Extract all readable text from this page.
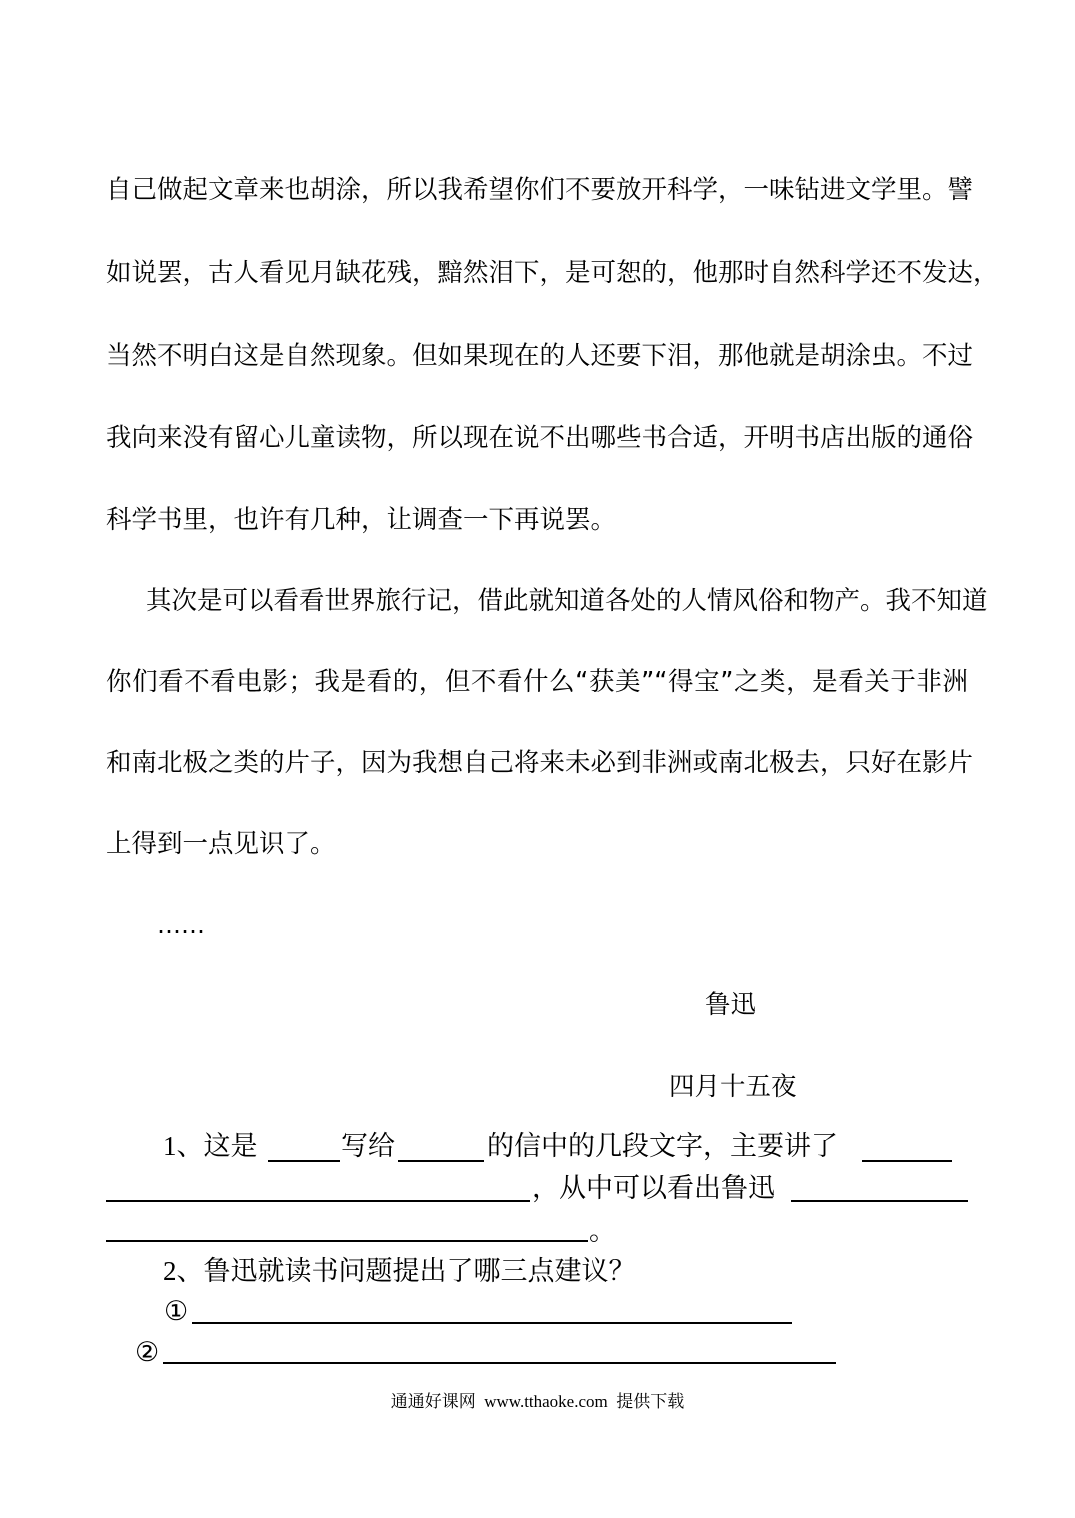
自己做起文章来也胡涂，所以我希望你们不要放开科学，一味钻进文学里。譬
如说罢，古人看见月缺花残，黯然泪下，是可恕的，他那时自然科学还不发达，
当然不明白这是自然现象。但如果现在的人还要下泪，那他就是胡涂虫。不过
我向来没有留心儿童读物，所以现在说不出哪些书合适，开明书店出版的通俗
科学书里，也许有几种，让调查一下再说罢。
其次是可以看看世界旅行记，借此就知道各处的人情风俗和物产。我不知道
你们看不看电影；我是看的，但不看什么“获美”“得宝”之类，是看关于非洲
和南北极之类的片子，因为我想自己将来未必到非洲或南北极去，只好在影片
上得到一点见识了。
……
鲁迅
四月十五夜
1、这是	写给	的信中的几段文字，主要讲了
，从中可以看出鲁迅
。
2、鲁迅就读书问题提出了哪三点建议？
①
②
通通好课网  www.tthaoke.com  提供下载
